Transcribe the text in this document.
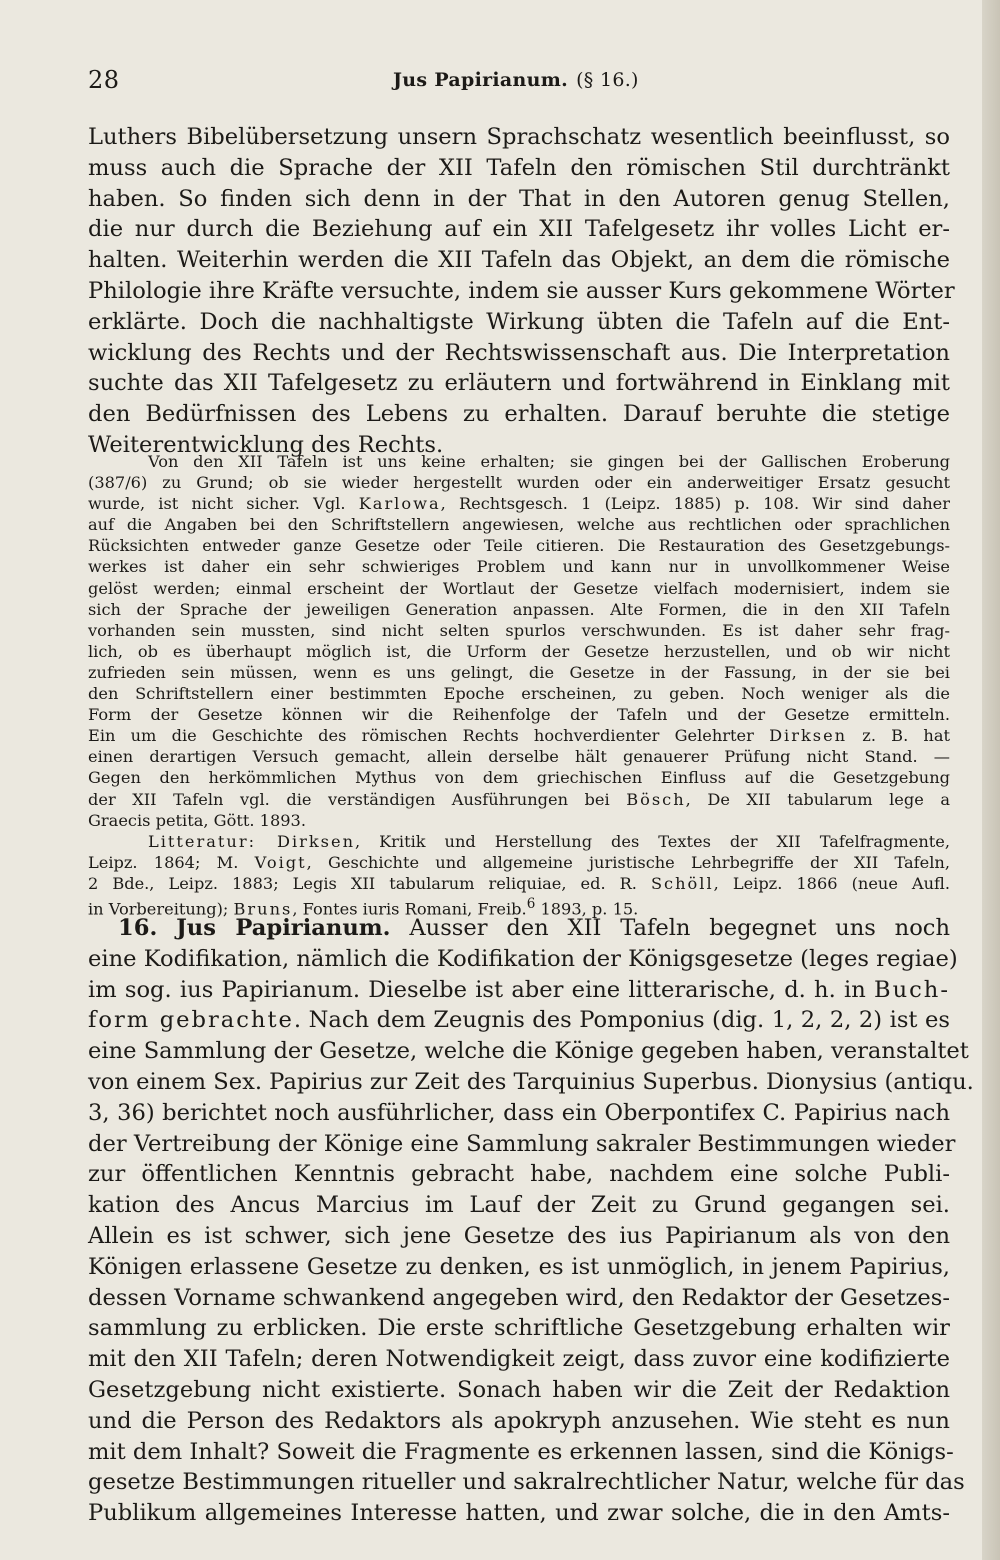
28	Jus Papirianum. (§ 16.)
Luthers Bibelübersetzung unsern Sprachschatz wesentlich beeinflusst, so
muss auch die Sprache der XII Tafeln den römischen Stil durchtränkt
haben. So finden sich denn in der That in den Autoren genug Stellen,
die nur durch die Beziehung auf ein XII Tafelgesetz ihr volles Licht er-
halten. Weiterhin werden die XII Tafeln das Objekt, an dem die römische
Philologie ihre Kräfte versuchte, indem sie ausser Kurs gekommene Wörter
erklärte. Doch die nachhaltigste Wirkung übten die Tafeln auf die Ent-
wicklung des Rechts und der Rechtswissenschaft aus. Die Interpretation
suchte das XII Tafelgesetz zu erläutern und fortwährend in Einklang mit
den Bedürfnissen des Lebens zu erhalten. Darauf beruhte die stetige
Weiterentwicklung des Rechts.
Von den XII Tafeln ist uns keine erhalten; sie gingen bei der Gallischen Eroberung
(387/6) zu Grund; ob sie wieder hergestellt wurden oder ein anderweitiger Ersatz gesucht
wurde, ist nicht sicher. Vgl. Karlowa, Rechtsgesch. 1 (Leipz. 1885) p. 108. Wir sind daher
auf die Angaben bei den Schriftstellern angewiesen, welche aus rechtlichen oder sprachlichen
Rücksichten entweder ganze Gesetze oder Teile citieren. Die Restauration des Gesetzgebungs-
werkes ist daher ein sehr schwieriges Problem und kann nur in unvollkommener Weise
gelöst werden; einmal erscheint der Wortlaut der Gesetze vielfach modernisiert, indem sie
sich der Sprache der jeweiligen Generation anpassen. Alte Formen, die in den XII Tafeln
vorhanden sein mussten, sind nicht selten spurlos verschwunden. Es ist daher sehr frag-
lich, ob es überhaupt möglich ist, die Urform der Gesetze herzustellen, und ob wir nicht
zufrieden sein müssen, wenn es uns gelingt, die Gesetze in der Fassung, in der sie bei
den Schriftstellern einer bestimmten Epoche erscheinen, zu geben. Noch weniger als die
Form der Gesetze können wir die Reihenfolge der Tafeln und der Gesetze ermitteln.
Ein um die Geschichte des römischen Rechts hochverdienter Gelehrter Dirksen z. B. hat
einen derartigen Versuch gemacht, allein derselbe hält genauerer Prüfung nicht Stand. —
Gegen den herkömmlichen Mythus von dem griechischen Einfluss auf die Gesetzgebung
der XII Tafeln vgl. die verständigen Ausführungen bei Bösch, De XII tabularum lege a
Graecis petita, Gött. 1893.
Litteratur: Dirksen, Kritik und Herstellung des Textes der XII Tafelfragmente,
Leipz. 1864; M. Voigt, Geschichte und allgemeine juristische Lehrbegriffe der XII Tafeln,
2 Bde., Leipz. 1883; Legis XII tabularum reliquiae, ed. R. Schöll, Leipz. 1866 (neue Aufl.
in Vorbereitung); Bruns, Fontes iuris Romani, Freib.$^6$ 1893, p. 15.
16. Jus Papirianum. Ausser den XII Tafeln begegnet uns noch
eine Kodifikation, nämlich die Kodifikation der Königsgesetze (leges regiae)
im sog. ius Papirianum. Dieselbe ist aber eine litterarische, d. h. in Buch-
form gebrachte. Nach dem Zeugnis des Pomponius (dig. 1, 2, 2, 2) ist es
eine Sammlung der Gesetze, welche die Könige gegeben haben, veranstaltet
von einem Sex. Papirius zur Zeit des Tarquinius Superbus. Dionysius (antiqu.
3, 36) berichtet noch ausführlicher, dass ein Oberpontifex C. Papirius nach
der Vertreibung der Könige eine Sammlung sakraler Bestimmungen wieder
zur öffentlichen Kenntnis gebracht habe, nachdem eine solche Publi-
kation des Ancus Marcius im Lauf der Zeit zu Grund gegangen sei.
Allein es ist schwer, sich jene Gesetze des ius Papirianum als von den
Königen erlassene Gesetze zu denken, es ist unmöglich, in jenem Papirius,
dessen Vorname schwankend angegeben wird, den Redaktor der Gesetzes-
sammlung zu erblicken. Die erste schriftliche Gesetzgebung erhalten wir
mit den XII Tafeln; deren Notwendigkeit zeigt, dass zuvor eine kodifizierte
Gesetzgebung nicht existierte. Sonach haben wir die Zeit der Redaktion
und die Person des Redaktors als apokryph anzusehen. Wie steht es nun
mit dem Inhalt? Soweit die Fragmente es erkennen lassen, sind die Königs-
gesetze Bestimmungen ritueller und sakralrechtlicher Natur, welche für das
Publikum allgemeines Interesse hatten, und zwar solche, die in den Amts-
